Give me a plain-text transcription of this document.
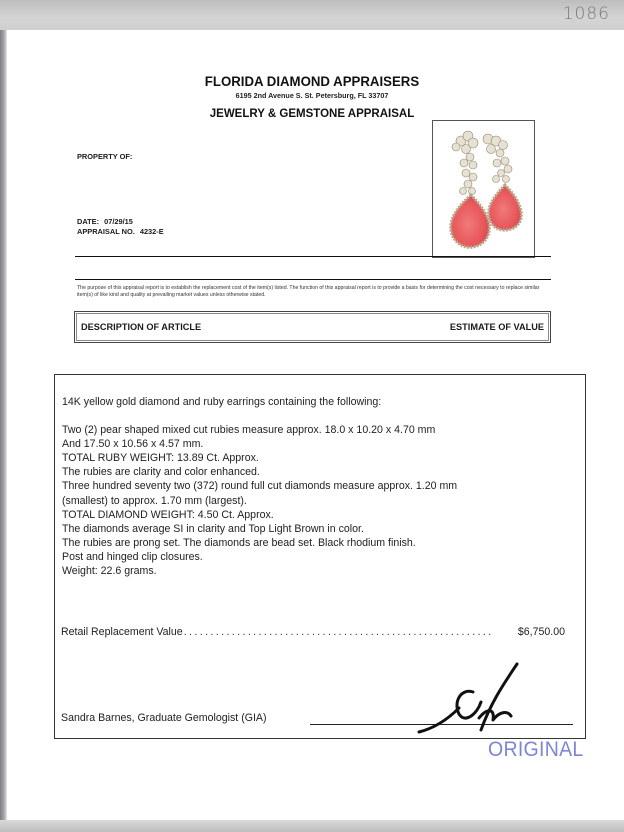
1086
FLORIDA DIAMOND APPRAISERS
6195 2nd Avenue S. St. Petersburg, FL 33707
JEWELRY & GEMSTONE APPRAISAL
PROPERTY OF:
DATE: 07/29/15
APPRAISAL NO. 4232-E
The purpose of this appraisal report is to establish the replacement cost of the item(s) listed. The function of this appraisal report is to provide a basis for determining the cost necessary to replace similar item(s) of like kind and quality at prevailing market values unless otherwise stated.
DESCRIPTION OF ARTICLE	ESTIMATE OF VALUE
14K yellow gold diamond and ruby earrings containing the following:
Two (2) pear shaped mixed cut rubies measure approx. 18.0 x 10.20 x 4.70 mm
And 17.50 x 10.56 x 4.57 mm.
TOTAL RUBY WEIGHT: 13.89 Ct. Approx.
The rubies are clarity and color enhanced.
Three hundred seventy two (372) round full cut diamonds measure approx. 1.20 mm
(smallest) to approx. 1.70 mm (largest).
TOTAL DIAMOND WEIGHT: 4.50 Ct. Approx.
The diamonds average SI in clarity and Top Light Brown in color.
The rubies are prong set. The diamonds are bead set. Black rhodium finish.
Post and hinged clip closures.
Weight: 22.6 grams.
Retail Replacement Value ..........................................................	$6,750.00
Sandra Barnes, Graduate Gemologist (GIA)
ORIGINAL
